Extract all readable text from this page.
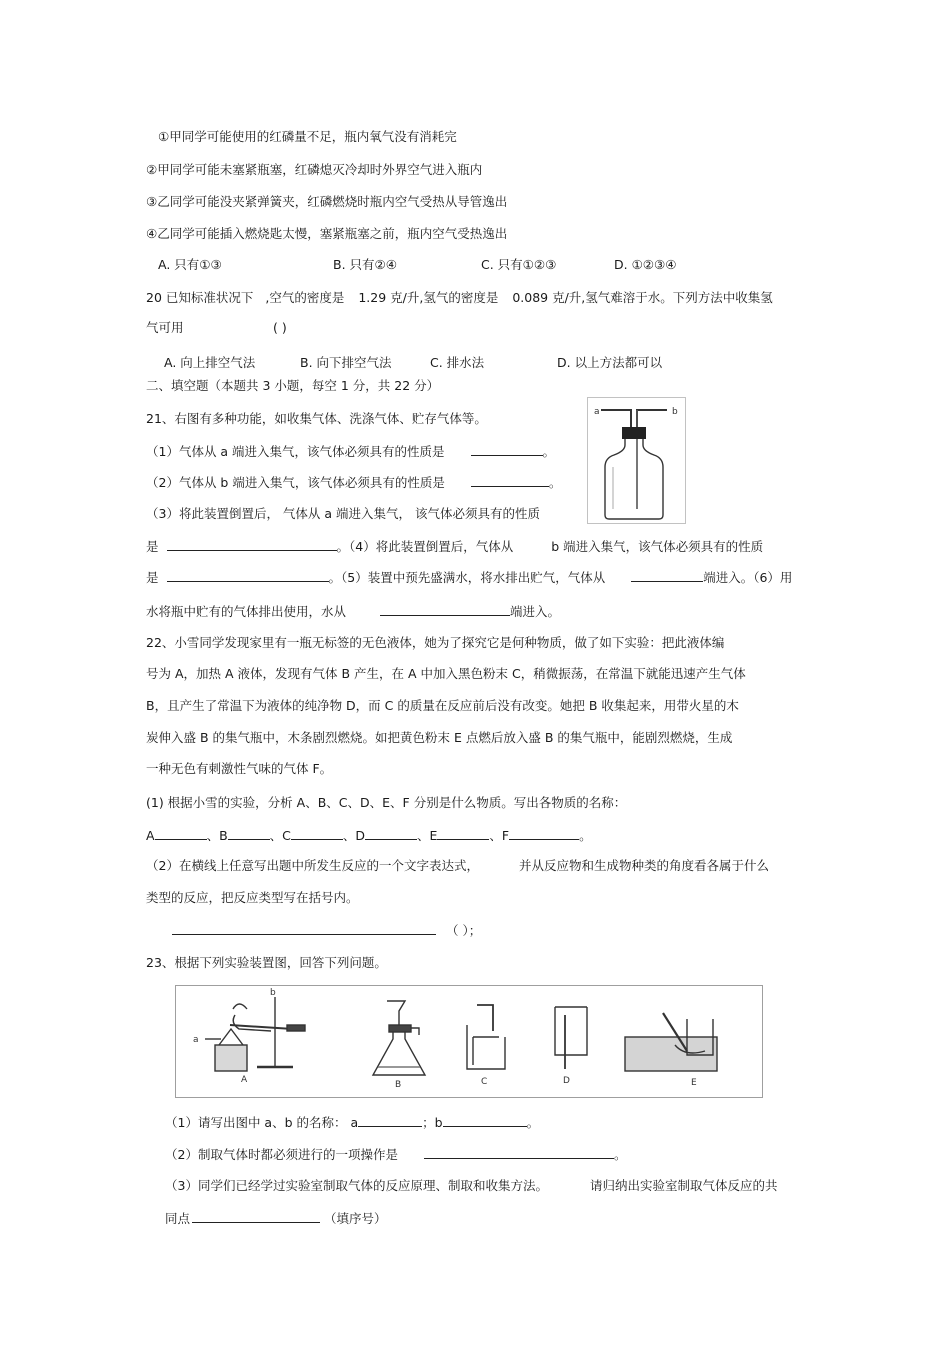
①甲同学可能使用的红磷量不足，瓶内氧气没有消耗完
②甲同学可能未塞紧瓶塞，红磷熄灭冷却时外界空气进入瓶内
③乙同学可能没夹紧弹簧夹，红磷燃烧时瓶内空气受热从导管逸出
④乙同学可能插入燃烧匙太慢，塞紧瓶塞之前，瓶内空气受热逸出
A. 只有①③	B. 只有②④	C. 只有①②③	D. ①②③④
20 已知标准状况下 ,空气的密度是 1.29 克/升,氢气的密度是 0.089 克/升,氢气难溶于水。下列方法中收集氢
气可用	( )
A. 向上排空气法	B. 向下排空气法	C. 排水法	D. 以上方法都可以
二、填空题（本题共 3 小题，每空 1 分，共 22 分）
21、右图有多种功能，如收集气体、洗涤气体、贮存气体等。
（1）气体从 a 端进入集气，该气体必须具有的性质是	。
（2）气体从 b 端进入集气，该气体必须具有的性质是	。
（3）将此装置倒置后， 气体从 a 端进入集气， 该气体必须具有的性质
是	。（4）将此装置倒置后，气体从	b 端进入集气，该气体必须具有的性质
是	。（5）装置中预先盛满水，将水排出贮气，气体从	端进入。（6）用
水将瓶中贮有的气体排出使用，水从	端进入。
a	b
22、小雪同学发现家里有一瓶无标签的无色液体，她为了探究它是何种物质，做了如下实验：把此液体编
号为 A，加热 A 液体，发现有气体 B 产生，在 A 中加入黑色粉末 C，稍微振荡，在常温下就能迅速产生气体
B，且产生了常温下为液体的纯净物 D，而 C 的质量在反应前后没有改变。她把 B 收集起来，用带火星的木
炭伸入盛 B 的集气瓶中，木条剧烈燃烧。如把黄色粉末 E 点燃后放入盛 B 的集气瓶中，能剧烈燃烧，生成
一种无色有刺激性气味的气体 F。
(1) 根据小雪的实验，分析 A、B、C、D、E、F 分别是什么物质。写出各物质的名称：
A	、B	、C	、D	、E	、F	。
（2）在横线上任意写出题中所发生反应的一个文字表达式，	并从反应物和生成物种类的角度看各属于什么
类型的反应，把反应类型写在括号内。
（ ）；
23、根据下列实验装置图，回答下列问题。
b
a
A	B	C	D	E
（1）请写出图中 a、b 的名称： a	；b	。
（2）制取气体时都必须进行的一项操作是	。
（3）同学们已经学过实验室制取气体的反应原理、制取和收集方法。	请归纳出实验室制取气体反应的共
同点	（填序号）
